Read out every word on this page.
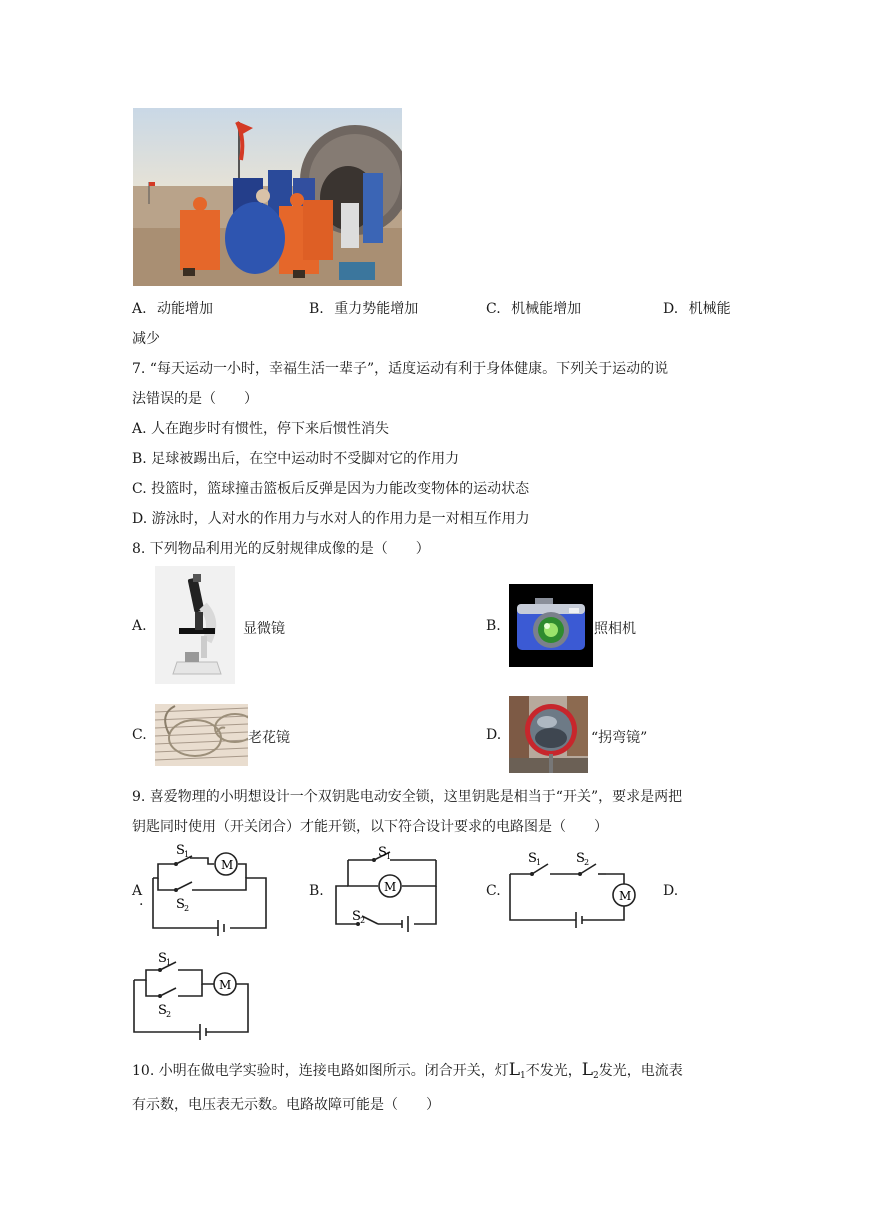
A. 动能增加	B. 重力势能增加	C. 机械能增加	D. 机械能
减少
7. “每天运动一小时，幸福生活一辈子”，适度运动有利于身体健康。下列关于运动的说
法错误的是（　　）
A. 人在跑步时有惯性，停下来后惯性消失
B. 足球被踢出后，在空中运动时不受脚对它的作用力
C. 投篮时，篮球撞击篮板后反弹是因为力能改变物体的运动状态
D. 游泳时，人对水的作用力与水对人的作用力是一对相互作用力
8. 下列物品利用光的反射规律成像的是（　　）
A.	显微镜	B.	照相机
C.	老花镜	D.	“拐弯镜”
9. 喜爱物理的小明想设计一个双钥匙电动安全锁，这里钥匙是相当于“开关”，要求是两把
钥匙同时使用（开关闭合）才能开锁，以下符合设计要求的电路图是（　　）
A
.
S 1
S 2
M
B.
S 1
M
S 2
C.
S 1	S 2
M D.
S 1
S 2
M
10. 小明在做电学实验时，连接电路如图所示。闭合开关，灯$L_1$不发光，$L_2$发光，电流表
有示数，电压表无示数。电路故障可能是（　　）
